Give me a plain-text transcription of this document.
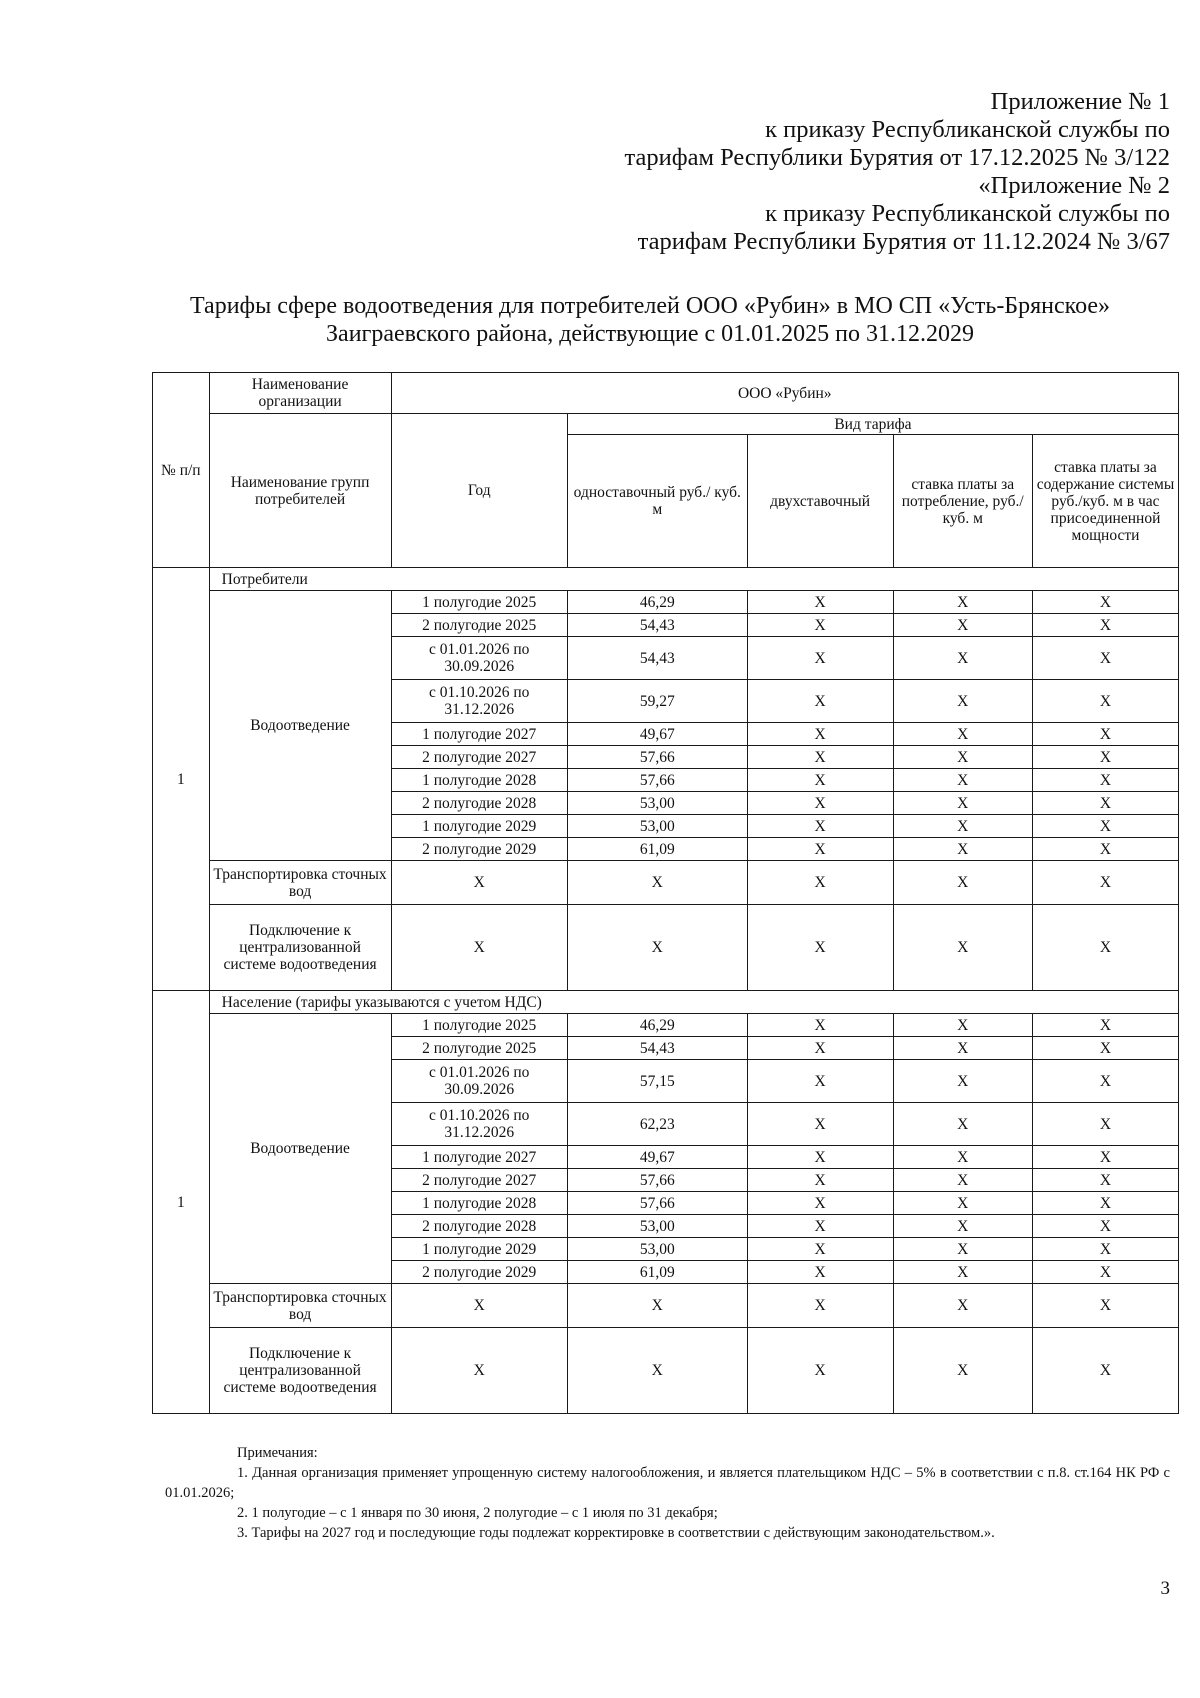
Приложение № 1
к приказу Республиканской службы по
тарифам Республики Бурятия от 17.12.2025 № 3/122
«Приложение № 2
к приказу Республиканской службы по
тарифам Республики Бурятия от 11.12.2024 № 3/67
Тарифы сфере водоотведения для потребителей ООО «Рубин» в МО СП «Усть-Брянское»
Заиграевского района, действующие с 01.01.2025 по 31.12.2029
№ п/п	Наименование организации	ООО «Рубин»				
	Наименование групп потребителей	Год	Вид тарифа			
			одноставочный руб./ куб. м	двухставочный	ставка платы за потребление, руб./ куб. м	ставка платы за содержание системы руб./куб. м в час присоединенной мощности
1	Потребители					
	Водоотведение	1 полугодие 2025	46,29	X	X	X
		2 полугодие 2025	54,43	X	X	X
		с 01.01.2026 по 30.09.2026	54,43	X	X	X
		с 01.10.2026 по 31.12.2026	59,27	X	X	X
		1 полугодие 2027	49,67	X	X	X
		2 полугодие 2027	57,66	X	X	X
		1 полугодие 2028	57,66	X	X	X
		2 полугодие 2028	53,00	X	X	X
		1 полугодие 2029	53,00	X	X	X
		2 полугодие 2029	61,09	X	X	X
	Транспортировка сточных вод	X	X	X	X	X
	Подключение к централизованной системе водоотведения	X	X	X	X	X
1	Население (тарифы указываются с учетом НДС)					
	Водоотведение	1 полугодие 2025	46,29	X	X	X
		2 полугодие 2025	54,43	X	X	X
		с 01.01.2026 по 30.09.2026	57,15	X	X	X
		с 01.10.2026 по 31.12.2026	62,23	X	X	X
		1 полугодие 2027	49,67	X	X	X
		2 полугодие 2027	57,66	X	X	X
		1 полугодие 2028	57,66	X	X	X
		2 полугодие 2028	53,00	X	X	X
		1 полугодие 2029	53,00	X	X	X
		2 полугодие 2029	61,09	X	X	X
	Транспортировка сточных вод	X	X	X	X	X
	Подключение к централизованной системе водоотведения	X	X	X	X	X

Примечания:

1. Данная организация применяет упрощенную систему налогообложения, и является плательщиком НДС – 5% в соответствии с п.8. ст.164 НК РФ с 01.01.2026;

2. 1 полугодие – с 1 января по 30 июня, 2 полугодие – с 1 июля по 31 декабря;

3. Тарифы на 2027 год и последующие годы подлежат корректировке в соответствии с действующим законодательством.».

3
